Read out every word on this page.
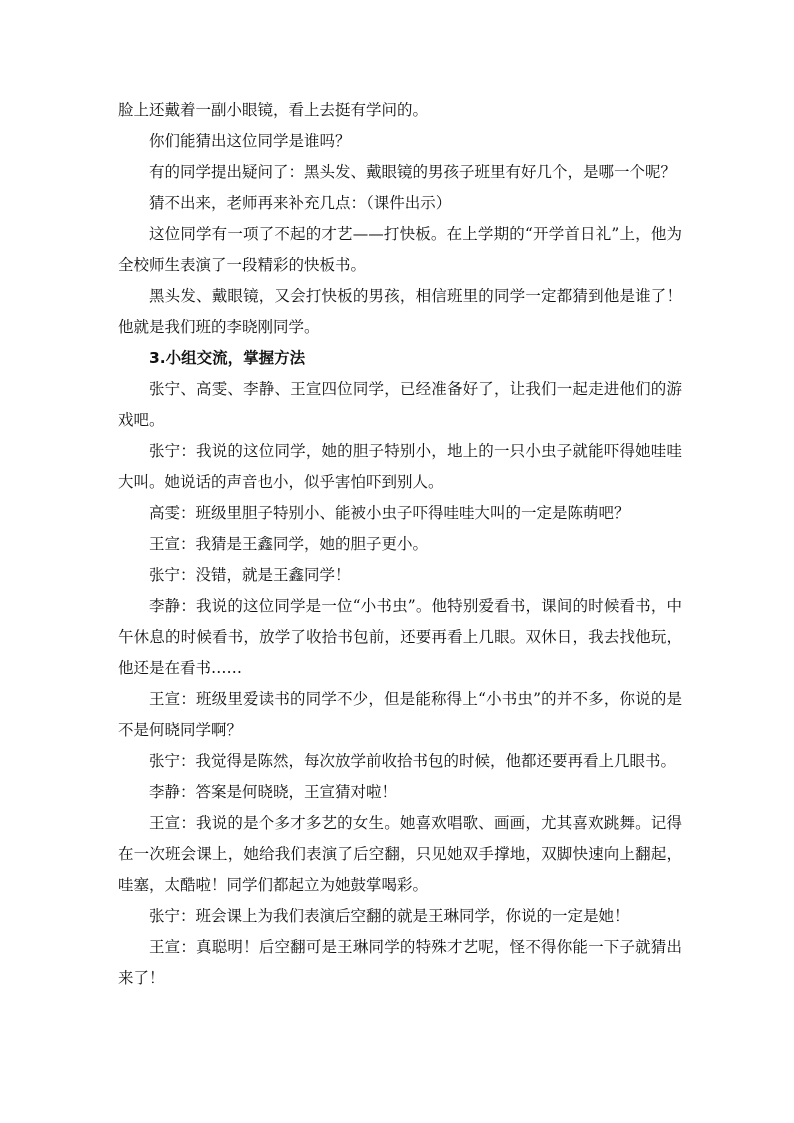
脸上还戴着一副小眼镜，看上去挺有学问的。

你们能猜出这位同学是谁吗？

有的同学提出疑问了：黑头发、戴眼镜的男孩子班里有好几个，是哪一个呢？

猜不出来，老师再来补充几点：（课件出示）

这位同学有一项了不起的才艺——打快板。在上学期的“开学首日礼”上，他为全校师生表演了一段精彩的快板书。

黑头发、戴眼镜，又会打快板的男孩，相信班里的同学一定都猜到他是谁了！他就是我们班的李晓刚同学。

3.小组交流，掌握方法

张宁、高雯、李静、王宣四位同学，已经准备好了，让我们一起走进他们的游戏吧。

张宁：我说的这位同学，她的胆子特别小，地上的一只小虫子就能吓得她哇哇大叫。她说话的声音也小，似乎害怕吓到别人。

高雯：班级里胆子特别小、能被小虫子吓得哇哇大叫的一定是陈萌吧？

王宣：我猜是王鑫同学，她的胆子更小。

张宁：没错，就是王鑫同学！

李静：我说的这位同学是一位“小书虫”。他特别爱看书，课间的时候看书，中午休息的时候看书，放学了收拾书包前，还要再看上几眼。双休日，我去找他玩，他还是在看书……

王宣：班级里爱读书的同学不少，但是能称得上“小书虫”的并不多，你说的是不是何晓同学啊？

张宁：我觉得是陈然，每次放学前收拾书包的时候，他都还要再看上几眼书。

李静：答案是何晓晓，王宣猜对啦！

王宣：我说的是个多才多艺的女生。她喜欢唱歌、画画，尤其喜欢跳舞。记得在一次班会课上，她给我们表演了后空翻，只见她双手撑地，双脚快速向上翻起，哇塞，太酷啦！同学们都起立为她鼓掌喝彩。

张宁：班会课上为我们表演后空翻的就是王琳同学，你说的一定是她！

王宣：真聪明！后空翻可是王琳同学的特殊才艺呢，怪不得你能一下子就猜出来了！
